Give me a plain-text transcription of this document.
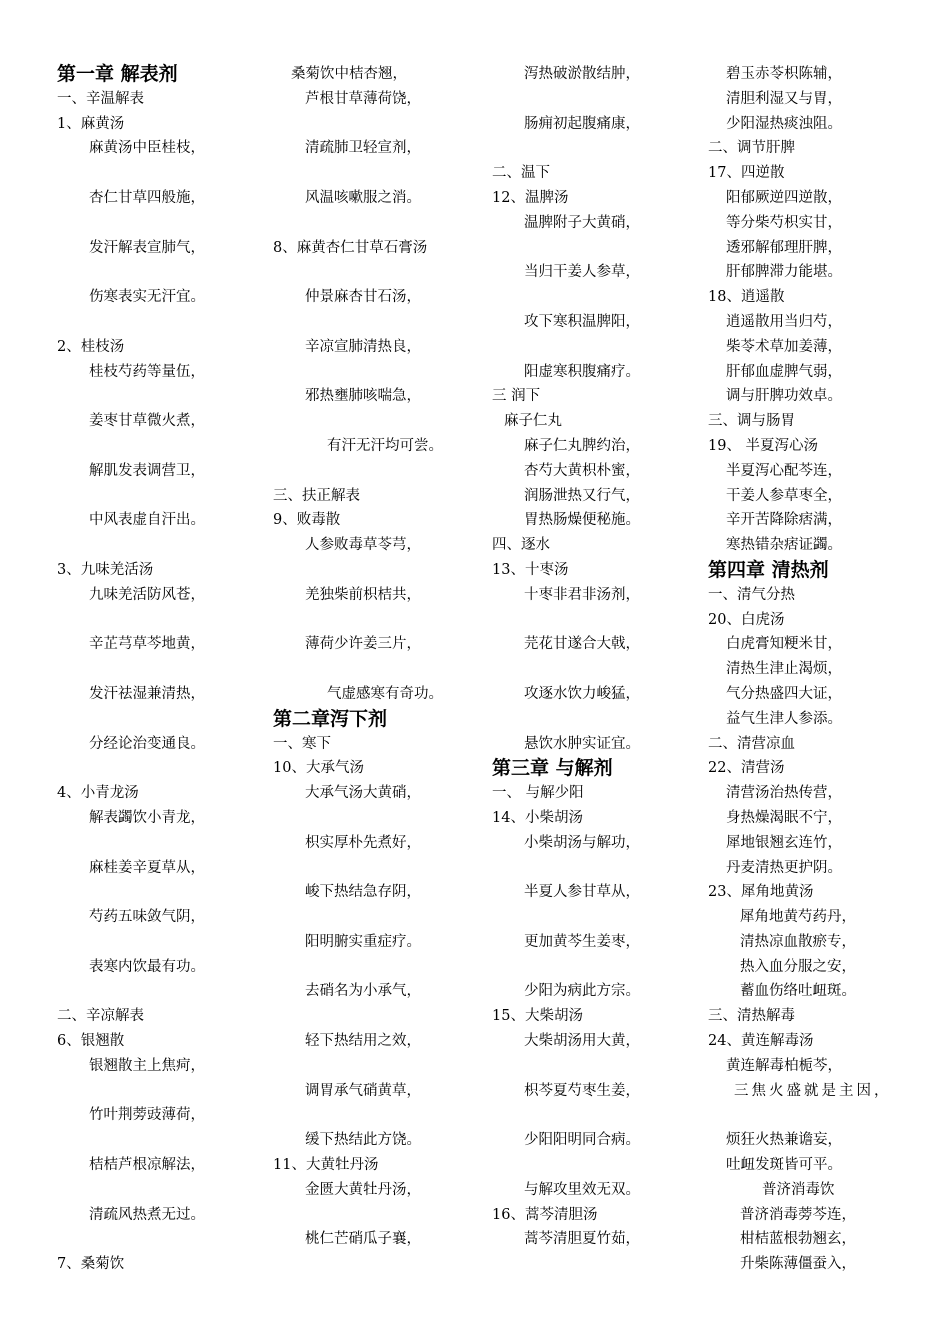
第一章 解表剂
一、辛温解表
1、麻黄汤
麻黄汤中臣桂枝，
杏仁甘草四般施，
发汗解表宣肺气，
伤寒表实无汗宜。
2、桂枝汤
桂枝芍药等量伍，
姜枣甘草微火煮，
解肌发表调营卫，
中风表虚自汗出。
3、九味羌活汤
九味羌活防风苍，
辛芷芎草芩地黄，
发汗祛湿兼清热，
分经论治变通良。
4、小青龙汤
解表蠲饮小青龙，
麻桂姜辛夏草从，
芍药五味敛气阴，
表寒内饮最有功。
二、辛凉解表
6、银翘散
银翘散主上焦疴，
竹叶荆蒡豉薄荷，
桔桔芦根凉解法，
清疏风热煮无过。
7、桑菊饮
桑菊饮中桔杏翘，
芦根甘草薄荷饶，
清疏肺卫轻宣剂，
风温咳嗽服之消。
8、麻黄杏仁甘草石膏汤
仲景麻杏甘石汤，
辛凉宣肺清热良，
邪热壅肺咳喘急，
有汗无汗均可尝。
三、扶正解表
9、败毒散
人参败毒草苓芎，
羌独柴前枳桔共，
薄荷少许姜三片，
气虚感寒有奇功。
第二章泻下剂
一、寒下
10、大承气汤
大承气汤大黄硝，
枳实厚朴先煮好，
峻下热结急存阴，
阳明腑实重症疗。
去硝名为小承气，
轻下热结用之效，
调胃承气硝黄草，
缓下热结此方饶。
11、大黄牡丹汤
金匮大黄牡丹汤，
桃仁芒硝瓜子襄，
泻热破淤散结肿，
肠痈初起腹痛康，
二、温下
12、温脾汤
温脾附子大黄硝，
当归干姜人参草，
攻下寒积温脾阳，
阳虚寒积腹痛疗。
三 润下
麻子仁丸
麻子仁丸脾约治，
杏芍大黄枳朴蜜，
润肠泄热又行气，
胃热肠燥便秘施。
四、逐水
13、十枣汤
十枣非君非汤剂，
芫花甘遂合大戟，
攻逐水饮力峻猛，
悬饮水肿实证宜。
第三章 与解剂
一、 与解少阳
14、小柴胡汤
小柴胡汤与解功，
半夏人参甘草从，
更加黄芩生姜枣，
少阳为病此方宗。
15、大柴胡汤
大柴胡汤用大黄，
枳芩夏芍枣生姜，
少阳阳明同合病。
与解攻里效无双。
16、蒿芩清胆汤
蒿芩清胆夏竹茹，
碧玉赤苓枳陈辅，
清胆利湿又与胃，
少阳湿热痰浊阻。
二、调节肝脾
17、四逆散
阳郁厥逆四逆散，
等分柴芍枳实甘，
透邪解郁理肝脾，
肝郁脾滞力能堪。
18、逍遥散
逍遥散用当归芍，
柴苓术草加姜薄，
肝郁血虚脾气弱，
调与肝脾功效卓。
三、调与肠胃
19、 半夏泻心汤
半夏泻心配芩连，
干姜人参草枣全，
辛开苦降除痞满，
寒热错杂痞证蠲。
第四章 清热剂
一、清气分热
20、白虎汤
白虎膏知粳米甘，
清热生津止渴烦，
气分热盛四大证，
益气生津人参添。
二、清营凉血
22、清营汤
清营汤治热传营，
身热燥渴眠不宁，
犀地银翘玄连竹，
丹麦清热更护阴。
23、犀角地黄汤
犀角地黄芍药丹，
清热凉血散瘀专，
热入血分服之安，
蓄血伤络吐衄斑。
三、清热解毒
24、黄连解毒汤
黄连解毒柏栀芩，
三焦火盛就是主因，
烦狂火热兼谵妄，
吐衄发斑皆可平。
普济消毒饮
普济消毒蒡芩连，
柑桔蓝根勃翘玄，
升柴陈薄僵蚕入，
